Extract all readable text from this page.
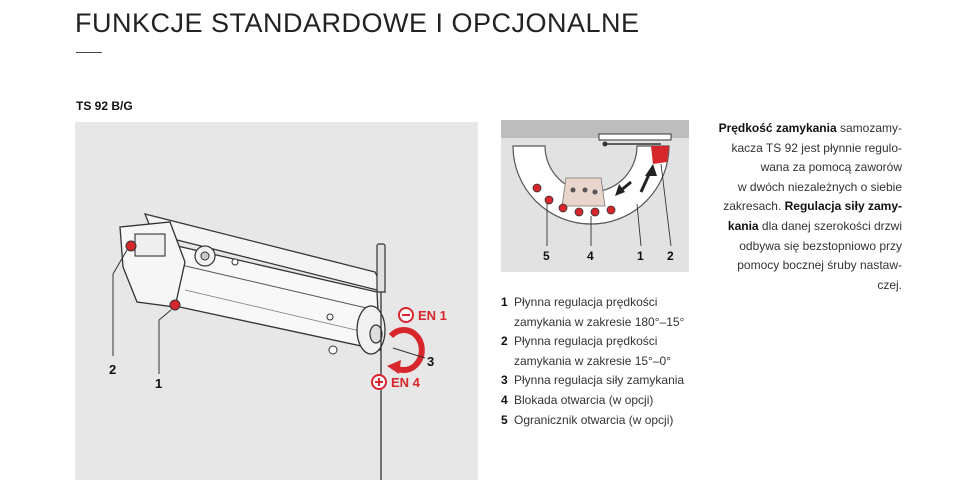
FUNKCJE STANDARDOWE I OPCJONALNE
TS 92 B/G
2
1
3
EN 1
EN 4
5	4	1 2
1 Płynna regulacja prędkości zamykania w zakresie 180°–15°
2 Płynna regulacja prędkości zamykania w zakresie 15°–0°
3 Płynna regulacja siły zamykania
4 Blokada otwarcia (w opcji)
5 Ogranicznik otwarcia (w opcji)
Prędkość zamykania samozamy-
kacza TS 92 jest płynnie regulo-
wana za pomocą zaworów
w dwóch niezależnych o siebie
zakresach. Regulacja siły zamy-
kania dla danej szerokości drzwi
odbywa się bezstopniowo przy
pomocy bocznej śruby nastaw-
czej.
